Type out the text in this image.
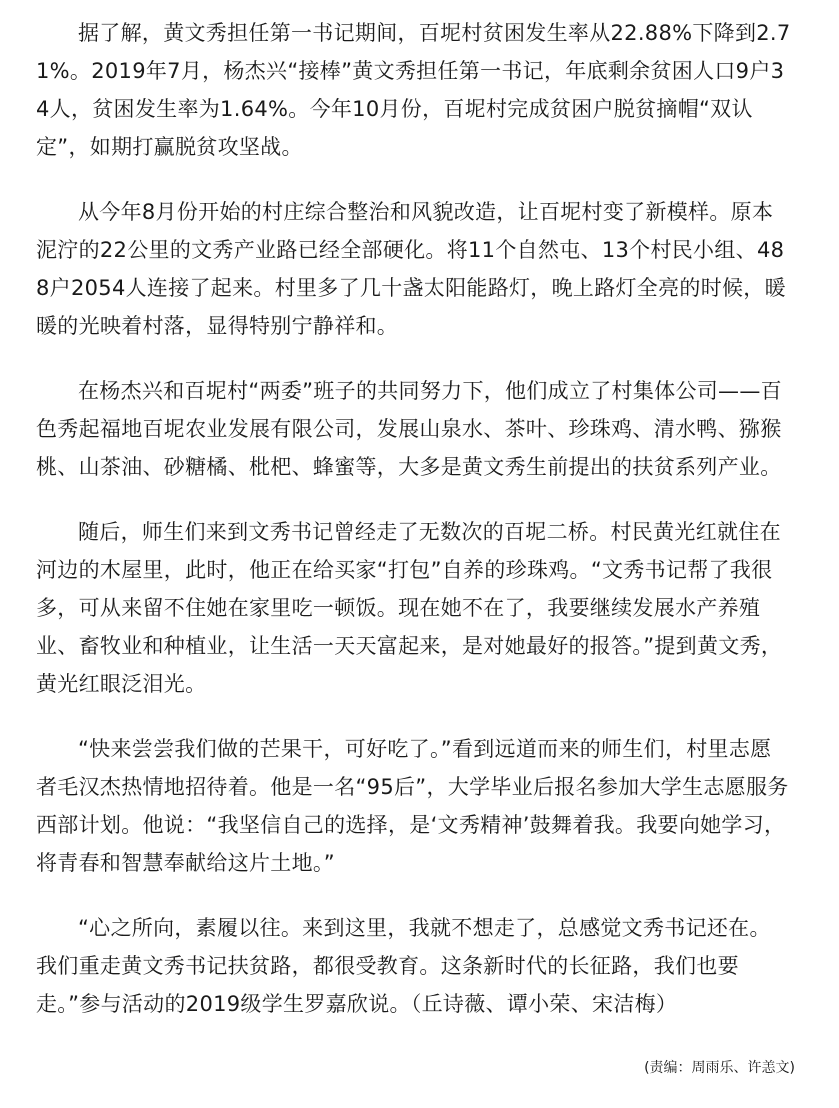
据了解，黄文秀担任第一书记期间，百坭村贫困发生率从22.88%下降到2.71%。2019年7月，杨杰兴“接棒”黄文秀担任第一书记，年底剩余贫困人口9户34人，贫困发生率为1.64%。今年10月份，百坭村完成贫困户脱贫摘帽“双认定”，如期打赢脱贫攻坚战。

从今年8月份开始的村庄综合整治和风貌改造，让百坭村变了新模样。原本泥泞的22公里的文秀产业路已经全部硬化。将11个自然屯、13个村民小组、488户2054人连接了起来。村里多了几十盏太阳能路灯，晚上路灯全亮的时候，暖暖的光映着村落，显得特别宁静祥和。

在杨杰兴和百坭村“两委”班子的共同努力下，他们成立了村集体公司——百色秀起福地百坭农业发展有限公司，发展山泉水、茶叶、珍珠鸡、清水鸭、猕猴桃、山茶油、砂糖橘、枇杷、蜂蜜等，大多是黄文秀生前提出的扶贫系列产业。

随后，师生们来到文秀书记曾经走了无数次的百坭二桥。村民黄光红就住在河边的木屋里，此时，他正在给买家“打包”自养的珍珠鸡。“文秀书记帮了我很多，可从来留不住她在家里吃一顿饭。现在她不在了，我要继续发展水产养殖业、畜牧业和种植业，让生活一天天富起来，是对她最好的报答。”提到黄文秀，黄光红眼泛泪光。

“快来尝尝我们做的芒果干，可好吃了。”看到远道而来的师生们，村里志愿者毛汉杰热情地招待着。他是一名“95后”，大学毕业后报名参加大学生志愿服务西部计划。他说：“我坚信自己的选择，是‘文秀精神’鼓舞着我。我要向她学习，将青春和智慧奉献给这片土地。”

“心之所向，素履以往。来到这里，我就不想走了，总感觉文秀书记还在。我们重走黄文秀书记扶贫路，都很受教育。这条新时代的长征路，我们也要走。”参与活动的2019级学生罗嘉欣说。（丘诗薇、谭小荣、宋洁梅）

(责编：周雨乐、许恙文)
